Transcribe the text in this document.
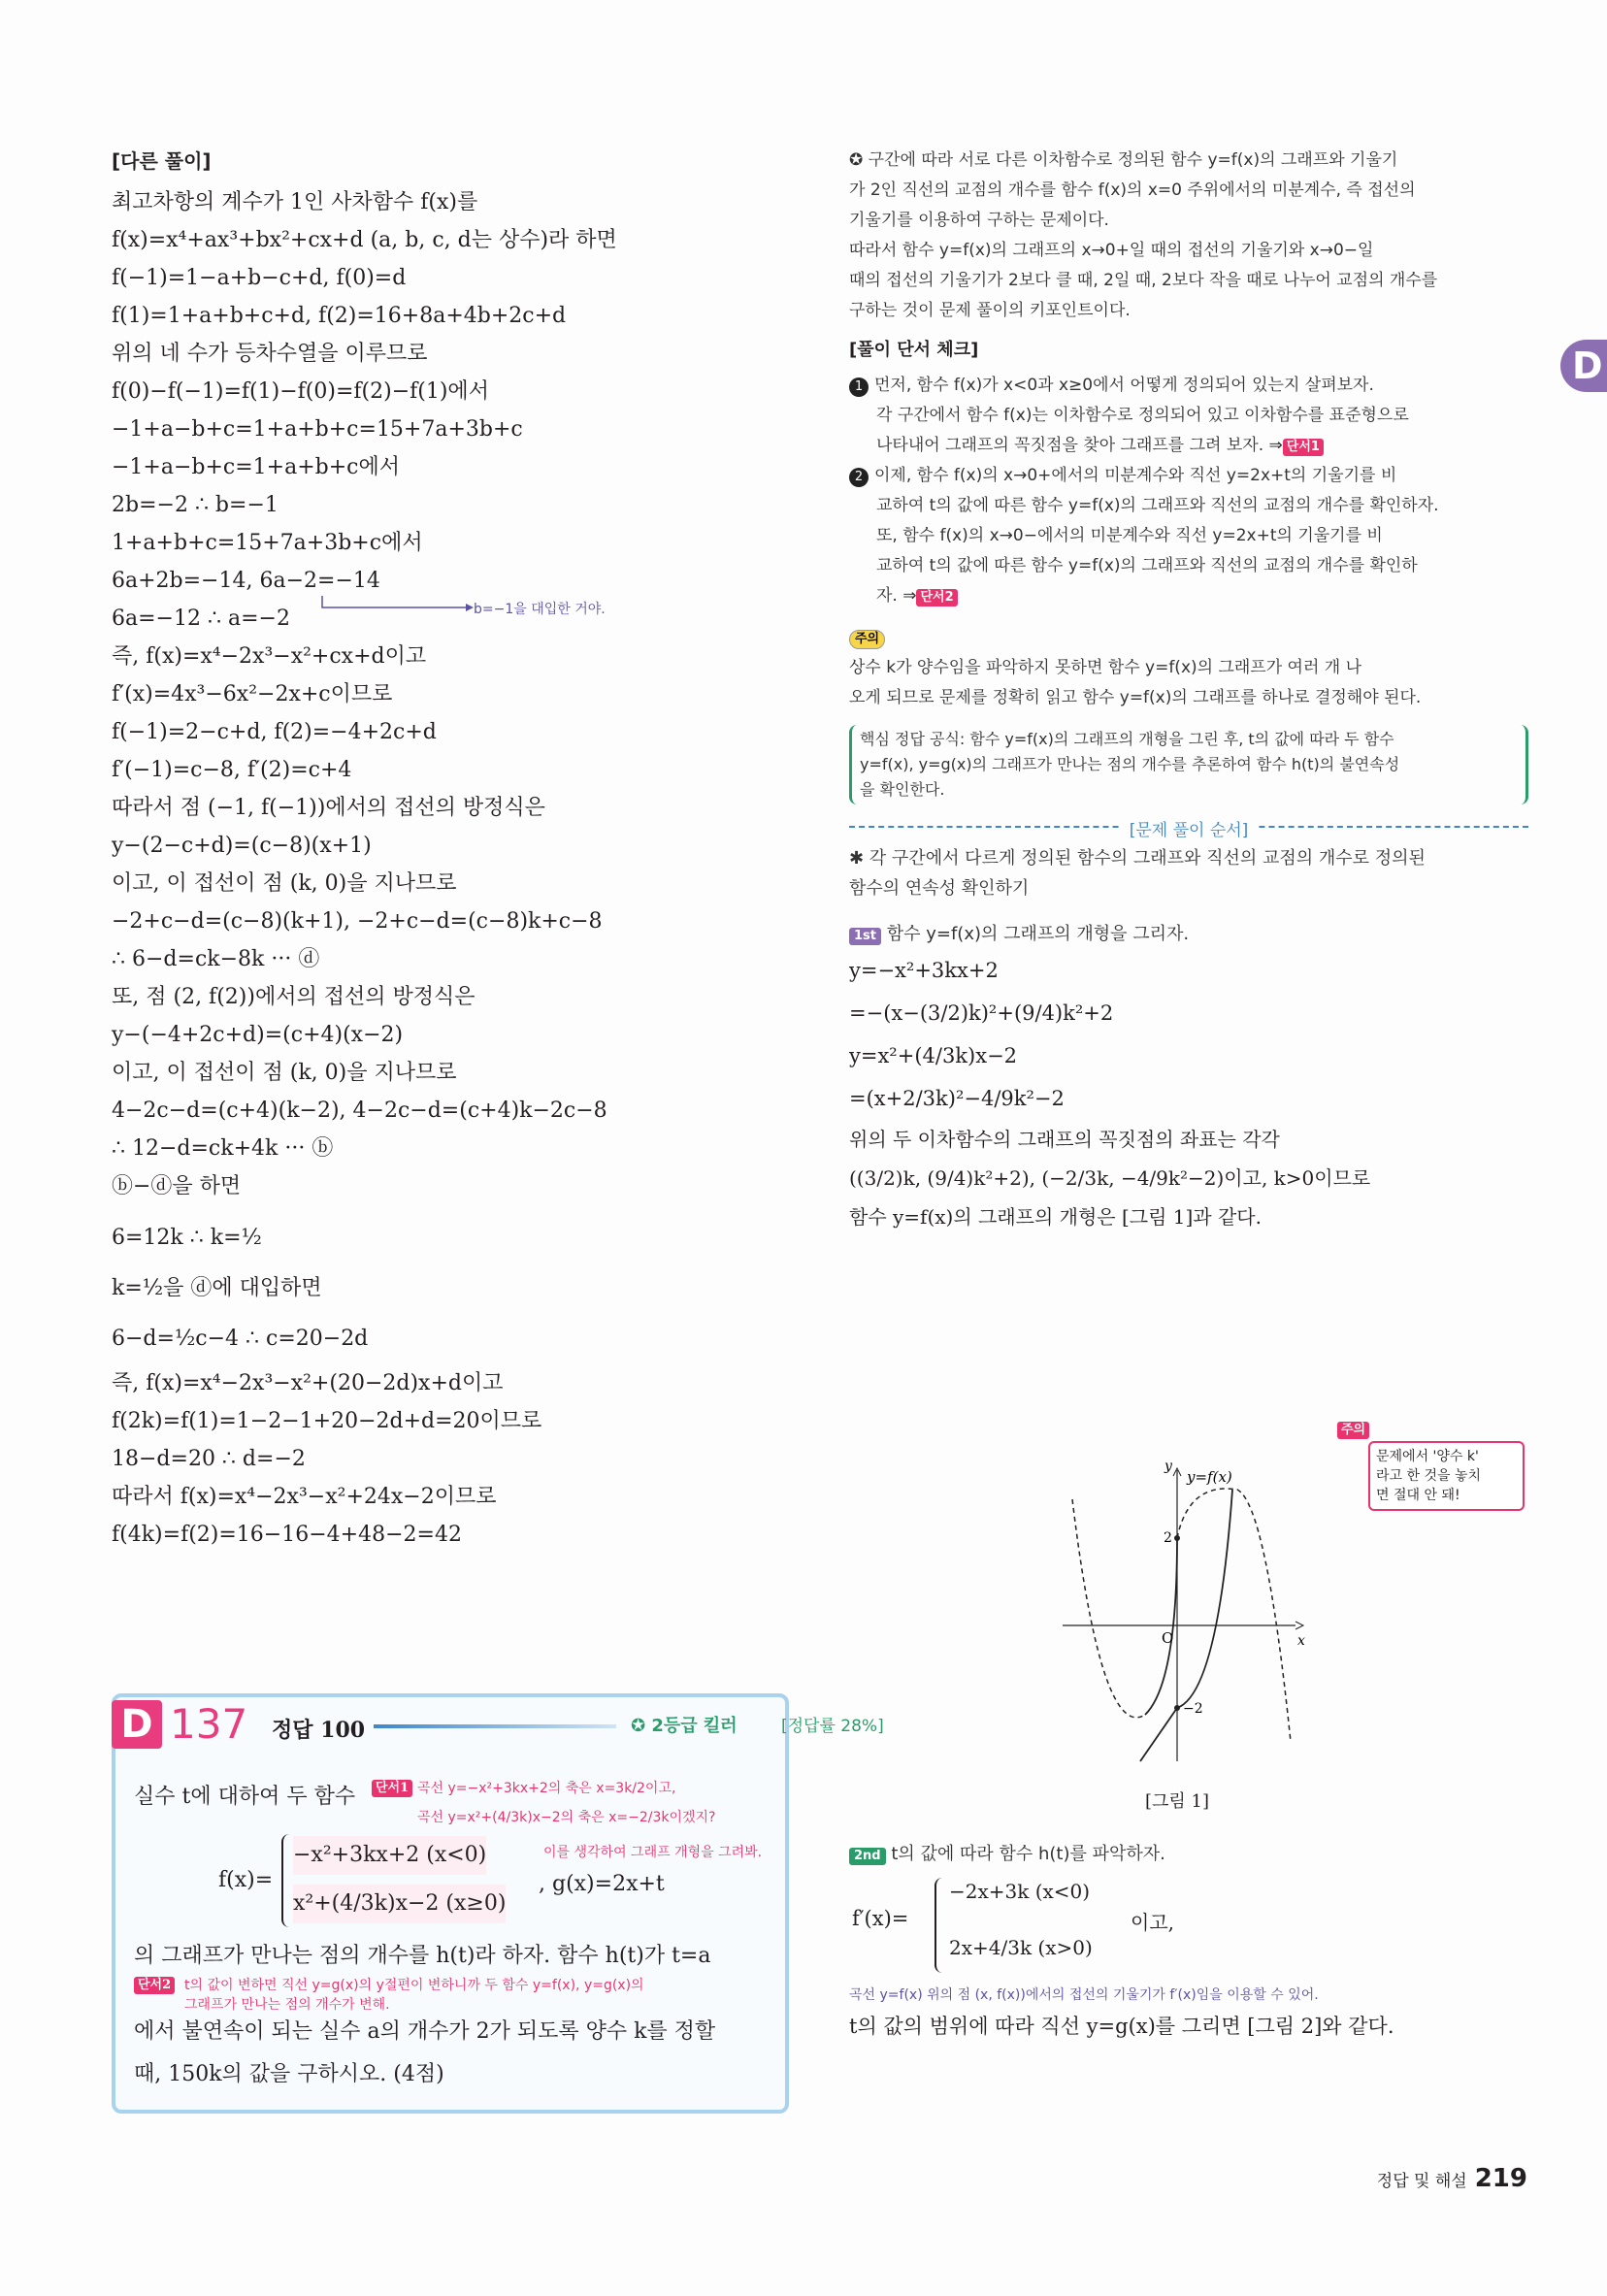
[다른 풀이]
최고차항의 계수가 1인 사차함수 f(x)를
f(x)=x⁴+ax³+bx²+cx+d (a, b, c, d는 상수)라 하면
f(−1)=1−a+b−c+d, f(0)=d
f(1)=1+a+b+c+d, f(2)=16+8a+4b+2c+d
위의 네 수가 등차수열을 이루므로
f(0)−f(−1)=f(1)−f(0)=f(2)−f(1)에서
−1+a−b+c=1+a+b+c=15+7a+3b+c
−1+a−b+c=1+a+b+c에서
2b=−2 ∴ b=−1
1+a+b+c=15+7a+3b+c에서
6a+2b=−14, 6a−2=−14
6a=−12 ∴ a=−2
즉, f(x)=x⁴−2x³−x²+cx+d이고
f′(x)=4x³−6x²−2x+c이므로
f(−1)=2−c+d, f(2)=−4+2c+d
f′(−1)=c−8, f′(2)=c+4
따라서 점 (−1, f(−1))에서의 접선의 방정식은
y−(2−c+d)=(c−8)(x+1)
이고, 이 접선이 점 (k, 0)을 지나므로
−2+c−d=(c−8)(k+1), −2+c−d=(c−8)k+c−8
∴ 6−d=ck−8k ··· ⓓ
또, 점 (2, f(2))에서의 접선의 방정식은
y−(−4+2c+d)=(c+4)(x−2)
이고, 이 접선이 점 (k, 0)을 지나므로
4−2c−d=(c+4)(k−2), 4−2c−d=(c+4)k−2c−8
∴ 12−d=ck+4k ··· ⓑ
ⓑ−ⓓ을 하면
6=12k ∴ k=½
k=½을 ⓓ에 대입하면
6−d=½c−4 ∴ c=20−2d
즉, f(x)=x⁴−2x³−x²+(20−2d)x+d이고
f(2k)=f(1)=1−2−1+20−2d+d=20이므로
18−d=20 ∴ d=−2
따라서 f(x)=x⁴−2x³−x²+24x−2이므로
f(4k)=f(2)=16−16−4+48−2=42
b=−1을 대입한 거야.
D 137 정답 100	✪ 2등급 킬러	[정답률 28%]
실수 t에 대하여 두 함수	단서1 곡선 y=−x²+3kx+2의 축은 x=3k/2이고,
곡선 y=x²+(4/3k)x−2의 축은 x=−2/3k이겠지?
f(x)=
−x²+3kx+2 (x<0)
x²+(4/3k)x−2 (x≥0)
이를 생각하여 그래프 개형을 그려봐.
, g(x)=2x+t
의 그래프가 만나는 점의 개수를 h(t)라 하자. 함수 h(t)가 t=a
단서2 t의 값이 변하면 직선 y=g(x)의 y절편이 변하니까 두 함수 y=f(x), y=g(x)의
그래프가 만나는 점의 개수가 변해.
에서 불연속이 되는 실수 a의 개수가 2가 되도록 양수 k를 정할
때, 150k의 값을 구하시오. (4점)
✪ 구간에 따라 서로 다른 이차함수로 정의된 함수 y=f(x)의 그래프와 기울기
가 2인 직선의 교점의 개수를 함수 f(x)의 x=0 주위에서의 미분계수, 즉 접선의
기울기를 이용하여 구하는 문제이다.
따라서 함수 y=f(x)의 그래프의 x→0+일 때의 접선의 기울기와 x→0−일
때의 접선의 기울기가 2보다 클 때, 2일 때, 2보다 작을 때로 나누어 교점의 개수를
구하는 것이 문제 풀이의 키포인트이다.
[풀이 단서 체크]
1 먼저, 함수 f(x)가 x<0과 x≥0에서 어떻게 정의되어 있는지 살펴보자.

각 구간에서 함수 f(x)는 이차함수로 정의되어 있고 이차함수를 표준형으로
나타내어 그래프의 꼭짓점을 찾아 그래프를 그려 보자. ⇒ 단서1
2 이제, 함수 f(x)의 x→0+에서의 미분계수와 직선 y=2x+t의 기울기를 비

교하여 t의 값에 따른 함수 y=f(x)의 그래프와 직선의 교점의 개수를 확인하자.
또, 함수 f(x)의 x→0−에서의 미분계수와 직선 y=2x+t의 기울기를 비
교하여 t의 값에 따른 함수 y=f(x)의 그래프와 직선의 교점의 개수를 확인하
자. ⇒ 단서2
주의
상수 k가 양수임을 파악하지 못하면 함수 y=f(x)의 그래프가 여러 개 나
오게 되므로 문제를 정확히 읽고 함수 y=f(x)의 그래프를 하나로 결정해야 된다.
핵심 정답 공식: 함수 y=f(x)의 그래프의 개형을 그린 후, t의 값에 따라 두 함수
y=f(x), y=g(x)의 그래프가 만나는 점의 개수를 추론하여 함수 h(t)의 불연속성
을 확인한다.
[문제 풀이 순서]
✱ 각 구간에서 다르게 정의된 함수의 그래프와 직선의 교점의 개수로 정의된
함수의 연속성 확인하기
1st 함수 y=f(x)의 그래프의 개형을 그리자.
y=−x²+3kx+2
=−(x−(3/2)k)²+(9/4)k²+2
y=x²+(4/3k)x−2
=(x+2/3k)²−4/9k²−2
위의 두 이차함수의 그래프의 꼭짓점의 좌표는 각각
((3/2)k, (9/4)k²+2), (−2/3k, −4/9k²−2)이고, k>0이므로
함수 y=f(x)의 그래프의 개형은 [그림 1]과 같다.
주의
문제에서 '양수 k'
라고 한 것을 놓치
면 절대 안 돼!
y=f(x)
y
x
O
2
−2
[그림 1]
2nd t의 값에 따라 함수 h(t)를 파악하자.
f′(x)=
−2x+3k (x<0)
2x+4/3k (x>0)
이고,
곡선 y=f(x) 위의 점 (x, f(x))에서의 접선의 기울기가 f′(x)임을 이용할 수 있어.
t의 값의 범위에 따라 직선 y=g(x)를 그리면 [그림 2]와 같다.
D
정답 및 해설 219
